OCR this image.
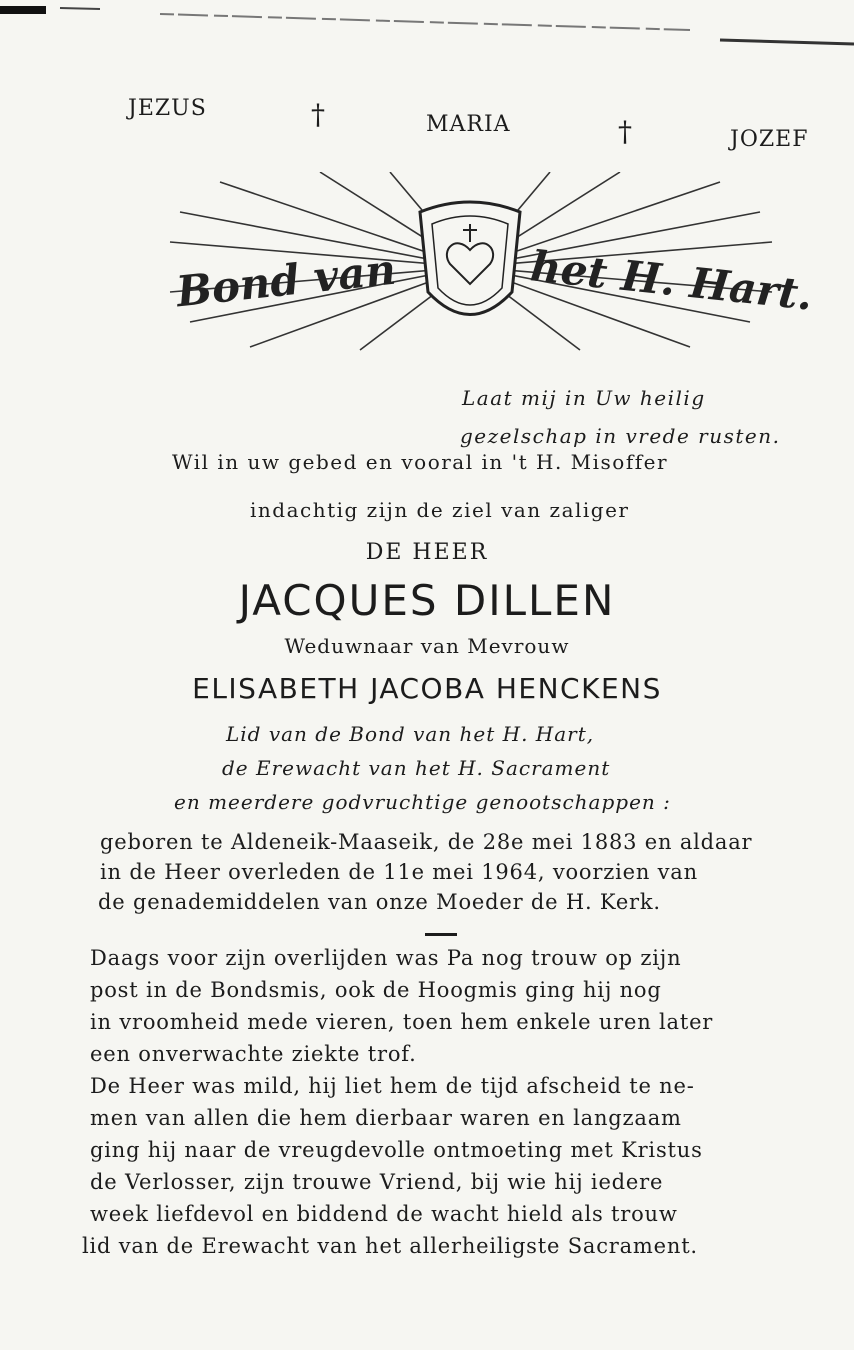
JEZUS	†	MARIA	†	JOZEF
Bond van	het H. Hart.
Laat mij in Uw heilig
gezelschap in vrede rusten.
Wil in uw gebed en vooral in 't H. Misoffer
indachtig zijn de ziel van zaliger
DE HEER
JACQUES DILLEN
Weduwnaar van Mevrouw
ELISABETH JACOBA HENCKENS
Lid van de Bond van het H. Hart,
de Erewacht van het H. Sacrament
en meerdere godvruchtige genootschappen :
geboren te Aldeneik-Maaseik, de 28e mei 1883 en aldaar
in de Heer overleden de 11e mei 1964, voorzien van
de genademiddelen van onze Moeder de H. Kerk.
Daags voor zijn overlijden was Pa nog trouw op zijn
post in de Bondsmis, ook de Hoogmis ging hij nog
in vroomheid mede vieren, toen hem enkele uren later
een onverwachte ziekte trof.
De Heer was mild, hij liet hem de tijd afscheid te ne-
men van allen die hem dierbaar waren en langzaam
ging hij naar de vreugdevolle ontmoeting met Kristus
de Verlosser, zijn trouwe Vriend, bij wie hij iedere
week liefdevol en biddend de wacht hield als trouw
lid van de Erewacht van het allerheiligste Sacrament.
